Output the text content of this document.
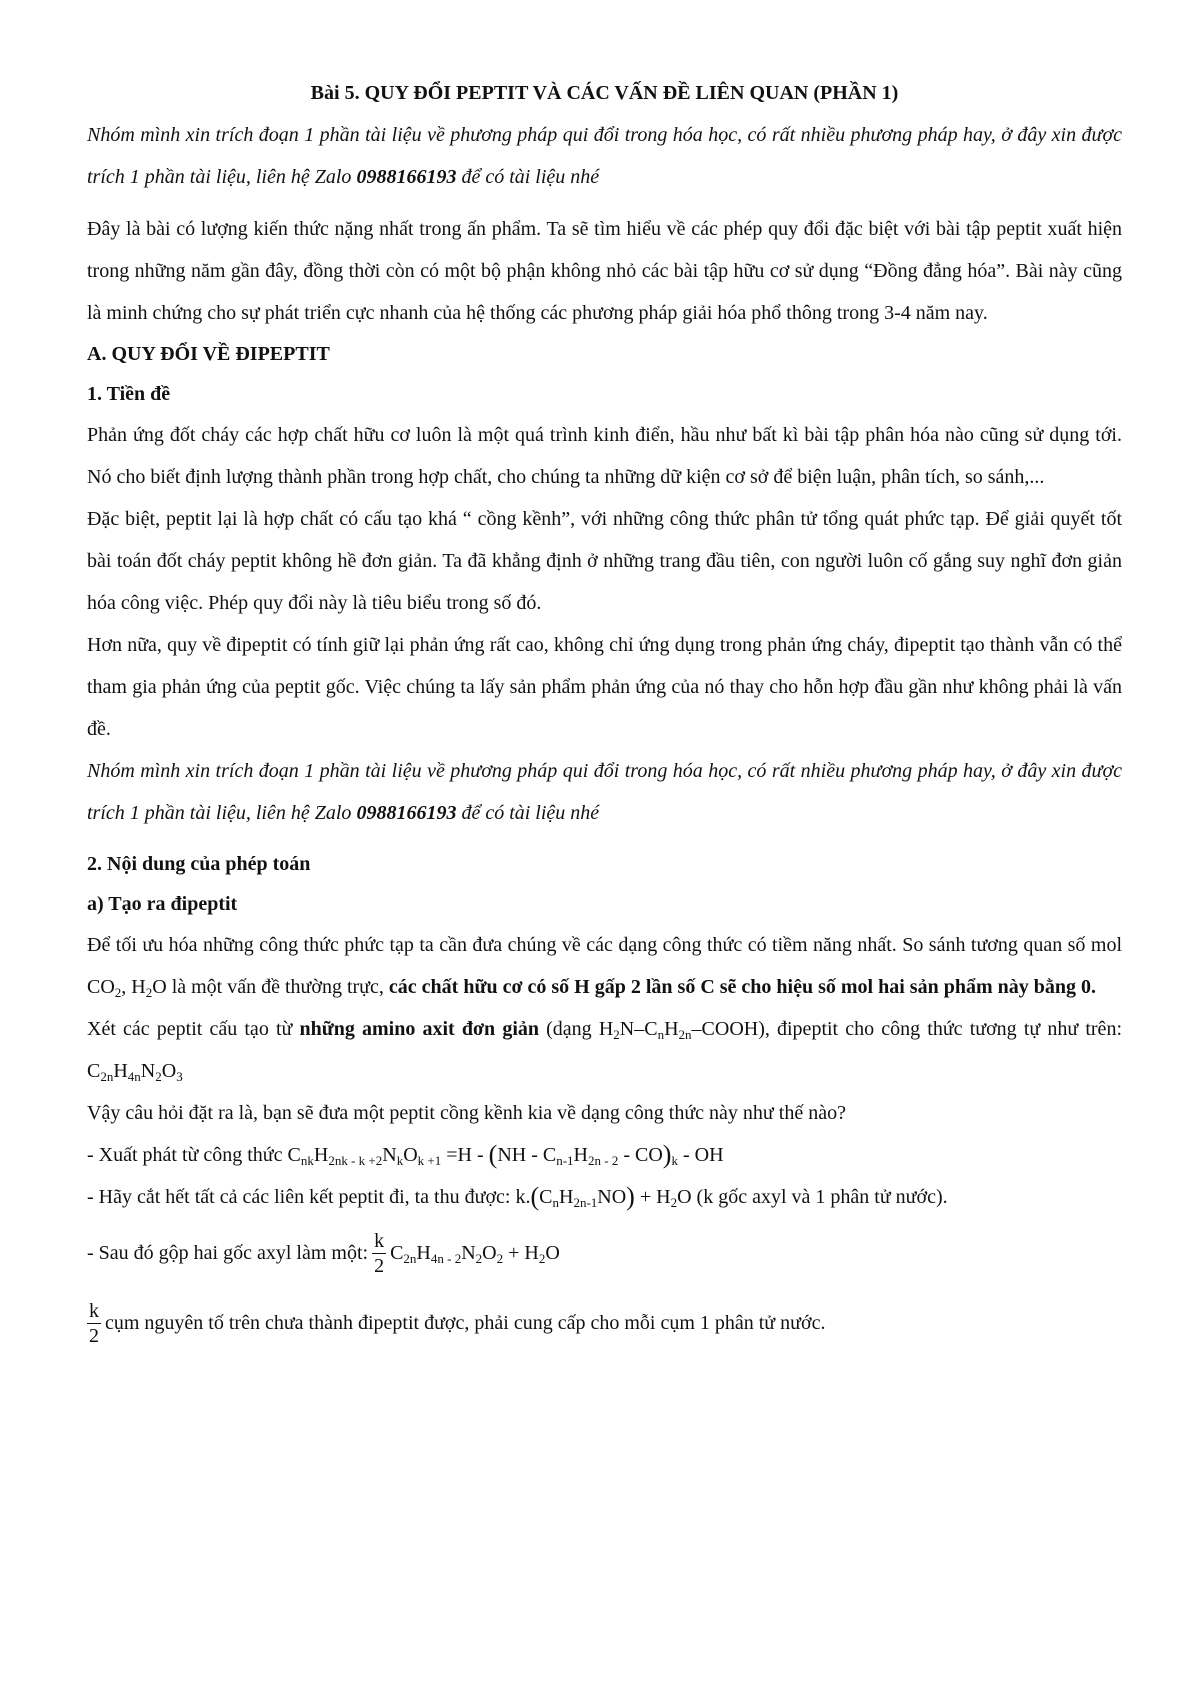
Bài 5. QUY ĐỔI PEPTIT VÀ CÁC VẤN ĐỀ LIÊN QUAN (PHẦN 1)

Nhóm mình xin trích đoạn 1 phần tài liệu về phương pháp qui đổi trong hóa học, có rất nhiều phương pháp hay, ở đây xin được trích 1 phần tài liệu, liên hệ Zalo 0988166193 để có tài liệu nhé

Đây là bài có lượng kiến thức nặng nhất trong ấn phẩm. Ta sẽ tìm hiểu về các phép quy đổi đặc biệt với bài tập peptit xuất hiện trong những năm gần đây, đồng thời còn có một bộ phận không nhỏ các bài tập hữu cơ sử dụng “Đồng đẳng hóa”. Bài này cũng là minh chứng cho sự phát triển cực nhanh của hệ thống các phương pháp giải hóa phổ thông trong 3-4 năm nay.

A. QUY ĐỔI VỀ ĐIPEPTIT

1. Tiền đề

Phản ứng đốt cháy các hợp chất hữu cơ luôn là một quá trình kinh điển, hầu như bất kì bài tập phân hóa nào cũng sử dụng tới. Nó cho biết định lượng thành phần trong hợp chất, cho chúng ta những dữ kiện cơ sở để biện luận, phân tích, so sánh,...

Đặc biệt, peptit lại là hợp chất có cấu tạo khá “ cồng kềnh”, với những công thức phân tử tổng quát phức tạp. Để giải quyết tốt bài toán đốt cháy peptit không hề đơn giản. Ta đã khẳng định ở những trang đầu tiên, con người luôn cố gắng suy nghĩ đơn giản hóa công việc. Phép quy đổi này là tiêu biểu trong số đó.

Hơn nữa, quy về đipeptit có tính giữ lại phản ứng rất cao, không chỉ ứng dụng trong phản ứng cháy, đipeptit tạo thành vẫn có thể tham gia phản ứng của peptit gốc. Việc chúng ta lấy sản phẩm phản ứng của nó thay cho hỗn hợp đầu gần như không phải là vấn đề.

Nhóm mình xin trích đoạn 1 phần tài liệu về phương pháp qui đổi trong hóa học, có rất nhiều phương pháp hay, ở đây xin được trích 1 phần tài liệu, liên hệ Zalo 0988166193 để có tài liệu nhé

2. Nội dung của phép toán

a) Tạo ra đipeptit

Để tối ưu hóa những công thức phức tạp ta cần đưa chúng về các dạng công thức có tiềm năng nhất. So sánh tương quan số mol $CO_2$, $H_2O$ là một vấn đề thường trực, các chất hữu cơ có số H gấp 2 lần số C sẽ cho hiệu số mol hai sản phẩm này bằng 0.

Xét các peptit cấu tạo từ những amino axit đơn giản (dạng $H_2N-C_nH_{2n}-COOH$), đipeptit cho công thức tương tự như trên: $C_{2n}H_{4n}N_2O_3$

Vậy câu hỏi đặt ra là, bạn sẽ đưa một peptit cồng kềnh kia về dạng công thức này như thế nào?

- Xuất phát từ công thức $C_{nk}H_{2nk - k +2}N_kO_{k +1} =H - (NH - C_{n-1}H_{2n - 2} - CO)_k$ - OH

- Hãy cắt hết tất cả các liên kết peptit đi, ta thu được: $k.(C_nH_{2n-1}NO) + H_2O$ (k gốc axyl và 1 phân tử nước).

- Sau đó gộp hai gốc axyl làm một: $\frac{k}{2} C_{2n}H_{4n - 2}N_2O_2 + H_2O$
$\frac{k}{2}$ cụm nguyên tố trên chưa thành đipeptit được, phải cung cấp cho mỗi cụm 1 phân tử nước.
